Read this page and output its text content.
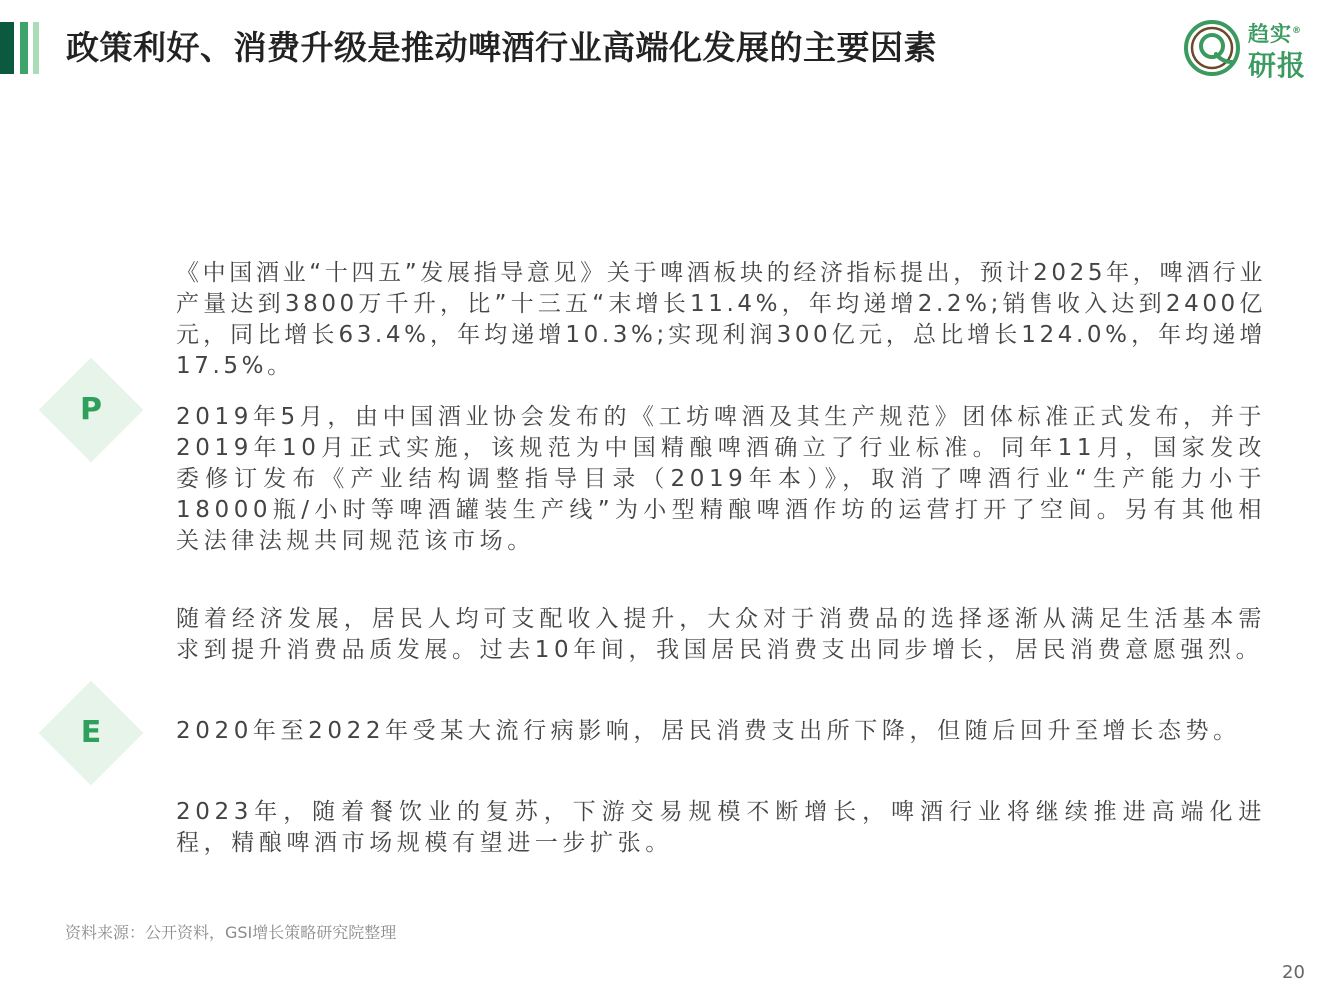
政策利好、消费升级是推动啤酒行业高端化发展的主要因素	趋实®
研报
P

《中国酒业“十四五”发展指导意见》关于啤酒板块的经济指标提出，预计2025年，啤酒行业产量达到3800万千升，比”十三五“末增长11.4%，年均递增2.2%;销售收入达到2400亿元，同比增长63.4%，年均递增10.3%;实现利润300亿元，总比增长124.0%，年均递增17.5%。

2019年5月，由中国酒业协会发布的《工坊啤酒及其生产规范》团体标准正式发布，并于2019年10月正式实施，该规范为中国精酿啤酒确立了行业标准。同年11月，国家发改委修订发布《产业结构调整指导目录（2019年本）》，取消了啤酒行业“生产能力小于18000瓶/小时等啤酒罐装生产线”为小型精酿啤酒作坊的运营打开了空间。另有其他相关法律法规共同规范该市场。

E

随着经济发展，居民人均可支配收入提升，大众对于消费品的选择逐渐从满足生活基本需求到提升消费品质发展。过去10年间，我国居民消费支出同步增长，居民消费意愿强烈。

2020年至2022年受某大流行病影响，居民消费支出所下降，但随后回升至增长态势。

2023年，随着餐饮业的复苏，下游交易规模不断增长，啤酒行业将继续推进高端化进程，精酿啤酒市场规模有望进一步扩张。

资料来源：公开资料，GSI增长策略研究院整理
20
